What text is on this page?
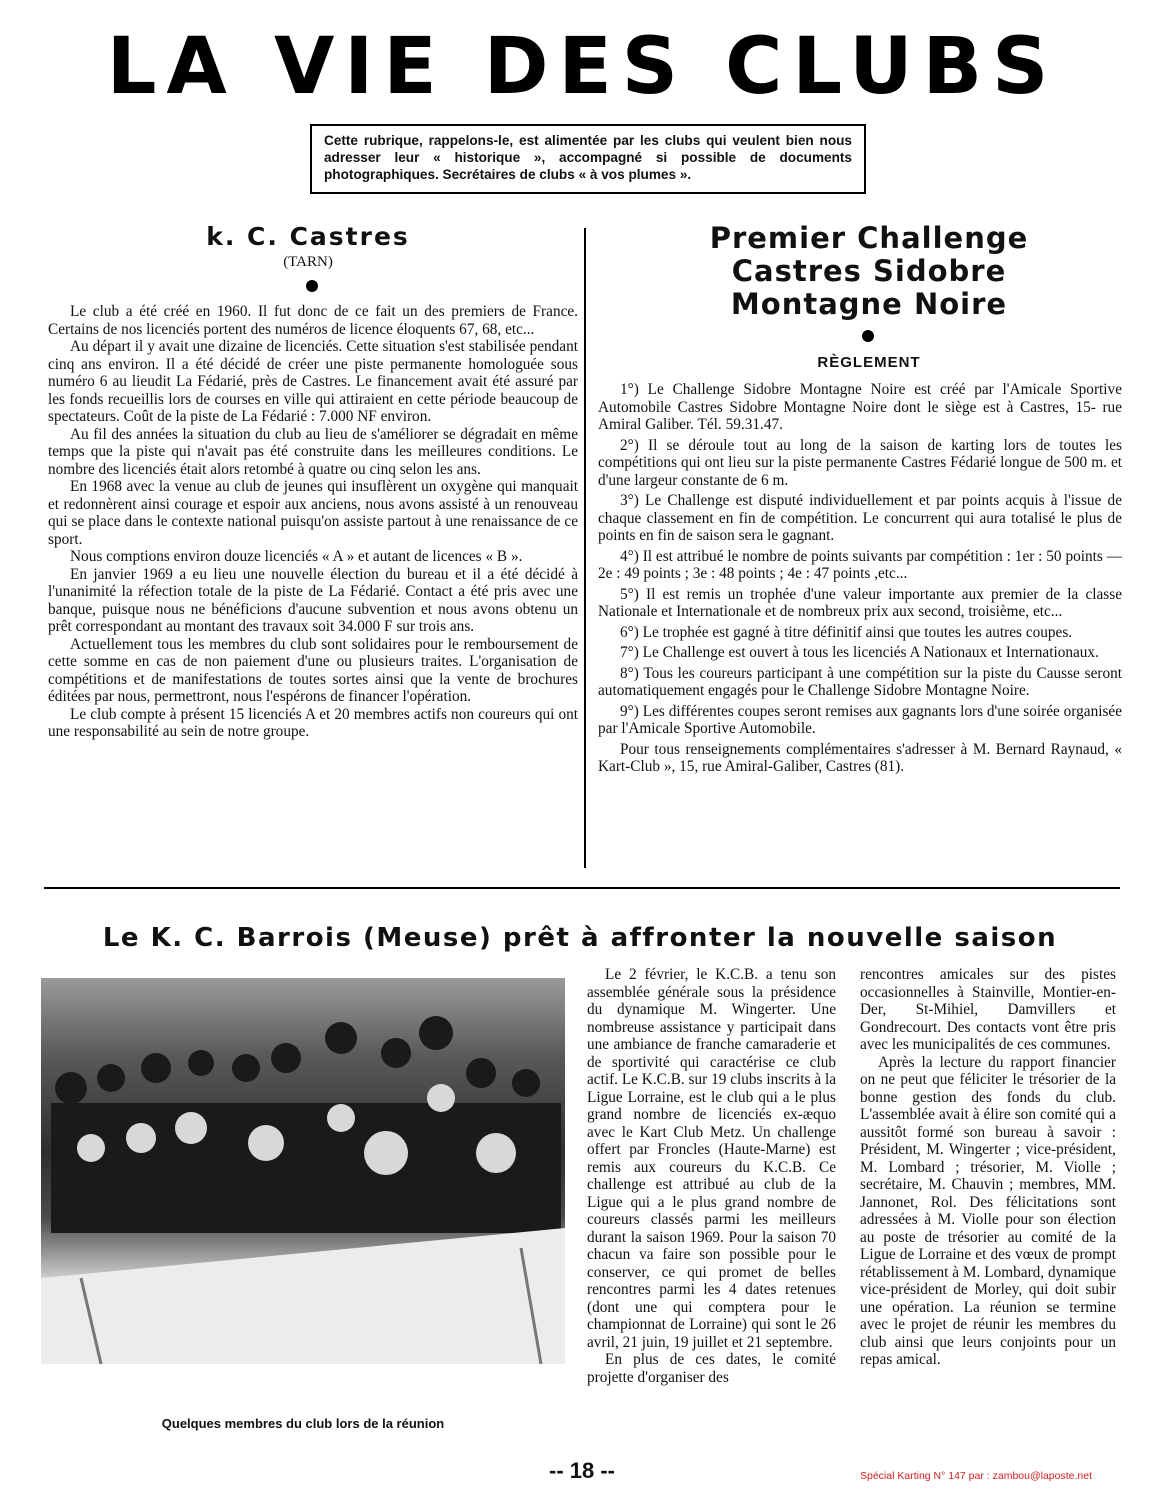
LA VIE DES CLUBS
Cette rubrique, rappelons-le, est alimentée par les clubs qui veulent bien nous adresser leur « historique », accompagné si possible de documents photographiques. Secrétaires de clubs « à vos plumes ».
k. C. Castres
(TARN)

Le club a été créé en 1960. Il fut donc de ce fait un des premiers de France. Certains de nos licenciés portent des numéros de licence éloquents 67, 68, etc...

Au départ il y avait une dizaine de licenciés. Cette situation s'est stabilisée pendant cinq ans environ. Il a été décidé de créer une piste permanente homologuée sous numéro 6 au lieudit La Fédarié, près de Castres. Le financement avait été assuré par les fonds recueillis lors de courses en ville qui attiraient en cette période beaucoup de spectateurs. Coût de la piste de La Fédarié : 7.000 NF environ.

Au fil des années la situation du club au lieu de s'améliorer se dégradait en même temps que la piste qui n'avait pas été construite dans les meilleures conditions. Le nombre des licenciés était alors retombé à quatre ou cinq selon les ans.

En 1968 avec la venue au club de jeunes qui insuflèrent un oxygène qui manquait et redonnèrent ainsi courage et espoir aux anciens, nous avons assisté à un renouveau qui se place dans le contexte national puisqu'on assiste partout à une renaissance de ce sport.

Nous comptions environ douze licenciés « A » et autant de licences « B ».

En janvier 1969 a eu lieu une nouvelle élection du bureau et il a été décidé à l'unanimité la réfection totale de la piste de La Fédarié. Contact a été pris avec une banque, puisque nous ne bénéficions d'aucune subvention et nous avons obtenu un prêt correspondant au montant des travaux soit 34.000 F sur trois ans.

Actuellement tous les membres du club sont solidaires pour le remboursement de cette somme en cas de non paiement d'une ou plusieurs traites. L'organisation de compétitions et de manifestations de toutes sortes ainsi que la vente de brochures éditées par nous, permettront, nous l'espérons de financer l'opération.

Le club compte à présent 15 licenciés A et 20 membres actifs non coureurs qui ont une responsabilité au sein de notre groupe.

Premier Challenge
Castres Sidobre
Montagne Noire
RÈGLEMENT

1°) Le Challenge Sidobre Montagne Noire est créé par l'Amicale Sportive Automobile Castres Sidobre Montagne Noire dont le siège est à Castres, 15- rue Amiral Galiber. Tél. 59.31.47.

2°) Il se déroule tout au long de la saison de karting lors de toutes les compétitions qui ont lieu sur la piste permanente Castres Fédarié longue de 500 m. et d'une largeur constante de 6 m.

3°) Le Challenge est disputé individuellement et par points acquis à l'issue de chaque classement en fin de compétition. Le concurrent qui aura totalisé le plus de points en fin de saison sera le gagnant.

4°) Il est attribué le nombre de points suivants par compétition : 1er : 50 points — 2e : 49 points ; 3e : 48 points ; 4e : 47 points ,etc...

5°) Il est remis un trophée d'une valeur importante aux premier de la classe Nationale et Internationale et de nombreux prix aux second, troisième, etc...

6°) Le trophée est gagné à titre définitif ainsi que toutes les autres coupes.

7°) Le Challenge est ouvert à tous les licenciés A Nationaux et Internationaux.

8°) Tous les coureurs participant à une compétition sur la piste du Causse seront automatiquement engagés pour le Challenge Sidobre Montagne Noire.

9°) Les différentes coupes seront remises aux gagnants lors d'une soirée organisée par l'Amicale Sportive Automobile.

Pour tous renseignements complémentaires s'adresser à M. Bernard Raynaud, « Kart-Club », 15, rue Amiral-Galiber, Castres (81).

Le K. C. Barrois (Meuse) prêt à affronter la nouvelle saison
Quelques membres du club lors de la réunion

Le 2 février, le K.C.B. a tenu son assemblée générale sous la présidence du dynamique M. Wingerter. Une nombreuse assistance y participait dans une ambiance de franche camaraderie et de sportivité qui caractérise ce club actif. Le K.C.B. sur 19 clubs inscrits à la Ligue Lorraine, est le club qui a le plus grand nombre de licenciés ex-æquo avec le Kart Club Metz. Un challenge offert par Froncles (Haute-Marne) est remis aux coureurs du K.C.B. Ce challenge est attribué au club de la Ligue qui a le plus grand nombre de coureurs classés parmi les meilleurs durant la saison 1969. Pour la saison 70 chacun va faire son possible pour le conserver, ce qui promet de belles rencontres parmi les 4 dates retenues (dont une qui comptera pour le championnat de Lorraine) qui sont le 26 avril, 21 juin, 19 juillet et 21 septembre.

En plus de ces dates, le comité projette d'organiser des

rencontres amicales sur des pistes occasionnelles à Stainville, Montier-en-Der, St-Mihiel, Damvillers et Gondrecourt. Des contacts vont être pris avec les municipalités de ces communes.

Après la lecture du rapport financier on ne peut que féliciter le trésorier de la bonne gestion des fonds du club. L'assemblée avait à élire son comité qui a aussitôt formé son bureau à savoir : Président, M. Wingerter ; vice-président, M. Lombard ; trésorier, M. Violle ; secrétaire, M. Chauvin ; membres, MM. Jannonet, Rol. Des félicitations sont adressées à M. Violle pour son élection au poste de trésorier au comité de la Ligue de Lorraine et des vœux de prompt rétablissement à M. Lombard, dynamique vice-président de Morley, qui doit subir une opération. La réunion se termine avec le projet de réunir les membres du club ainsi que leurs conjoints pour un repas amical.

-- 18 --	Spécial Karting N° 147 par : zambou@laposte.net
